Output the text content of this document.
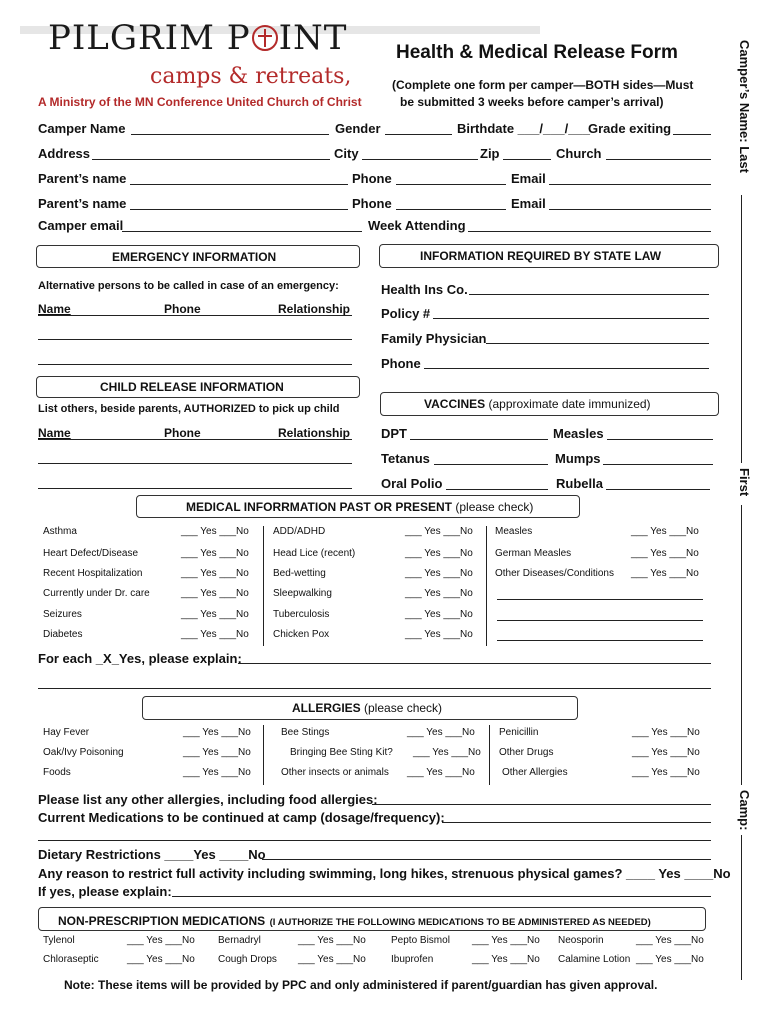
PILGRIM P INT
camps & retreats,
A Ministry of the MN Conference United Church of Christ
Health & Medical Release Form
(Complete one form per camper—BOTH sides—Must
be submitted 3 weeks before camper’s arrival)	Camper’s Name: Last
First
Camp:
Camper Name	Gender	Birthdate ___/___/___
Grade exiting
Address	City	Zip	Church
Parent’s name	Phone	Email
Parent’s name	Phone	Email
Camper email	Week Attending
EMERGENCY INFORMATION
Alternative persons to be called in case of an emergency:
Name	Phone	Relationship
INFORMATION REQUIRED BY STATE LAW
Health Ins Co.
Policy #
Family Physician
Phone
CHILD RELEASE INFORMATION
List others, beside parents, AUTHORIZED to pick up child
Name	Phone	Relationship
VACCINES (approximate date immunized)
DPT	Measles
Tetanus	Mumps
Oral Polio	Rubella
MEDICAL INFORRMATION PAST OR PRESENT (please check)
For each _X_Yes, please explain:
ALLERGIES (please check)
Please list any other allergies, including food allergies:
Current Medications to be continued at camp (dosage/frequency):
Dietary Restrictions ____Yes ____No
Any reason to restrict full activity including swimming, long hikes, strenuous physical games? ____ Yes ____No
If yes, please explain:
NON-PRESCRIPTION MEDICATIONS (I AUTHORIZE THE FOLLOWING MEDICATIONS TO BE ADMINISTERED AS NEEDED)
Note: These items will be provided by PPC and only administered if parent/guardian has given approval.
Asthma	___ Yes ___No
Heart Defect/Disease	___ Yes ___No
Recent Hospitalization	___ Yes ___No
Currently under Dr. care	___ Yes ___No
Seizures	___ Yes ___No
Diabetes	___ Yes ___No
ADD/ADHD	___ Yes ___No
Head Lice (recent)	___ Yes ___No
Bed-wetting	___ Yes ___No
Sleepwalking	___ Yes ___No
Tuberculosis	___ Yes ___No
Chicken Pox	___ Yes ___No
Measles	___ Yes ___No
German Measles	___ Yes ___No
Other Diseases/Conditions ___ Yes ___No
Hay Fever	___ Yes ___No
Oak/Ivy Poisoning	___ Yes ___No
Foods	___ Yes ___No
Bee Stings	___ Yes ___No
Bringing Bee Sting Kit? ___ Yes ___No
Other insects or animals ___ Yes ___No
Penicillin	___ Yes ___No
Other Drugs	___ Yes ___No
Other Allergies	___ Yes ___No
Tylenol	___ Yes ___No Bernadryl	___ Yes ___No	Pepto Bismol ___ Yes ___No Neosporin	___ Yes ___No
Chloraseptic	___ Yes ___No Cough Drops ___ Yes ___No	Ibuprofen	___ Yes ___No Calamine Lotion ___ Yes ___No
